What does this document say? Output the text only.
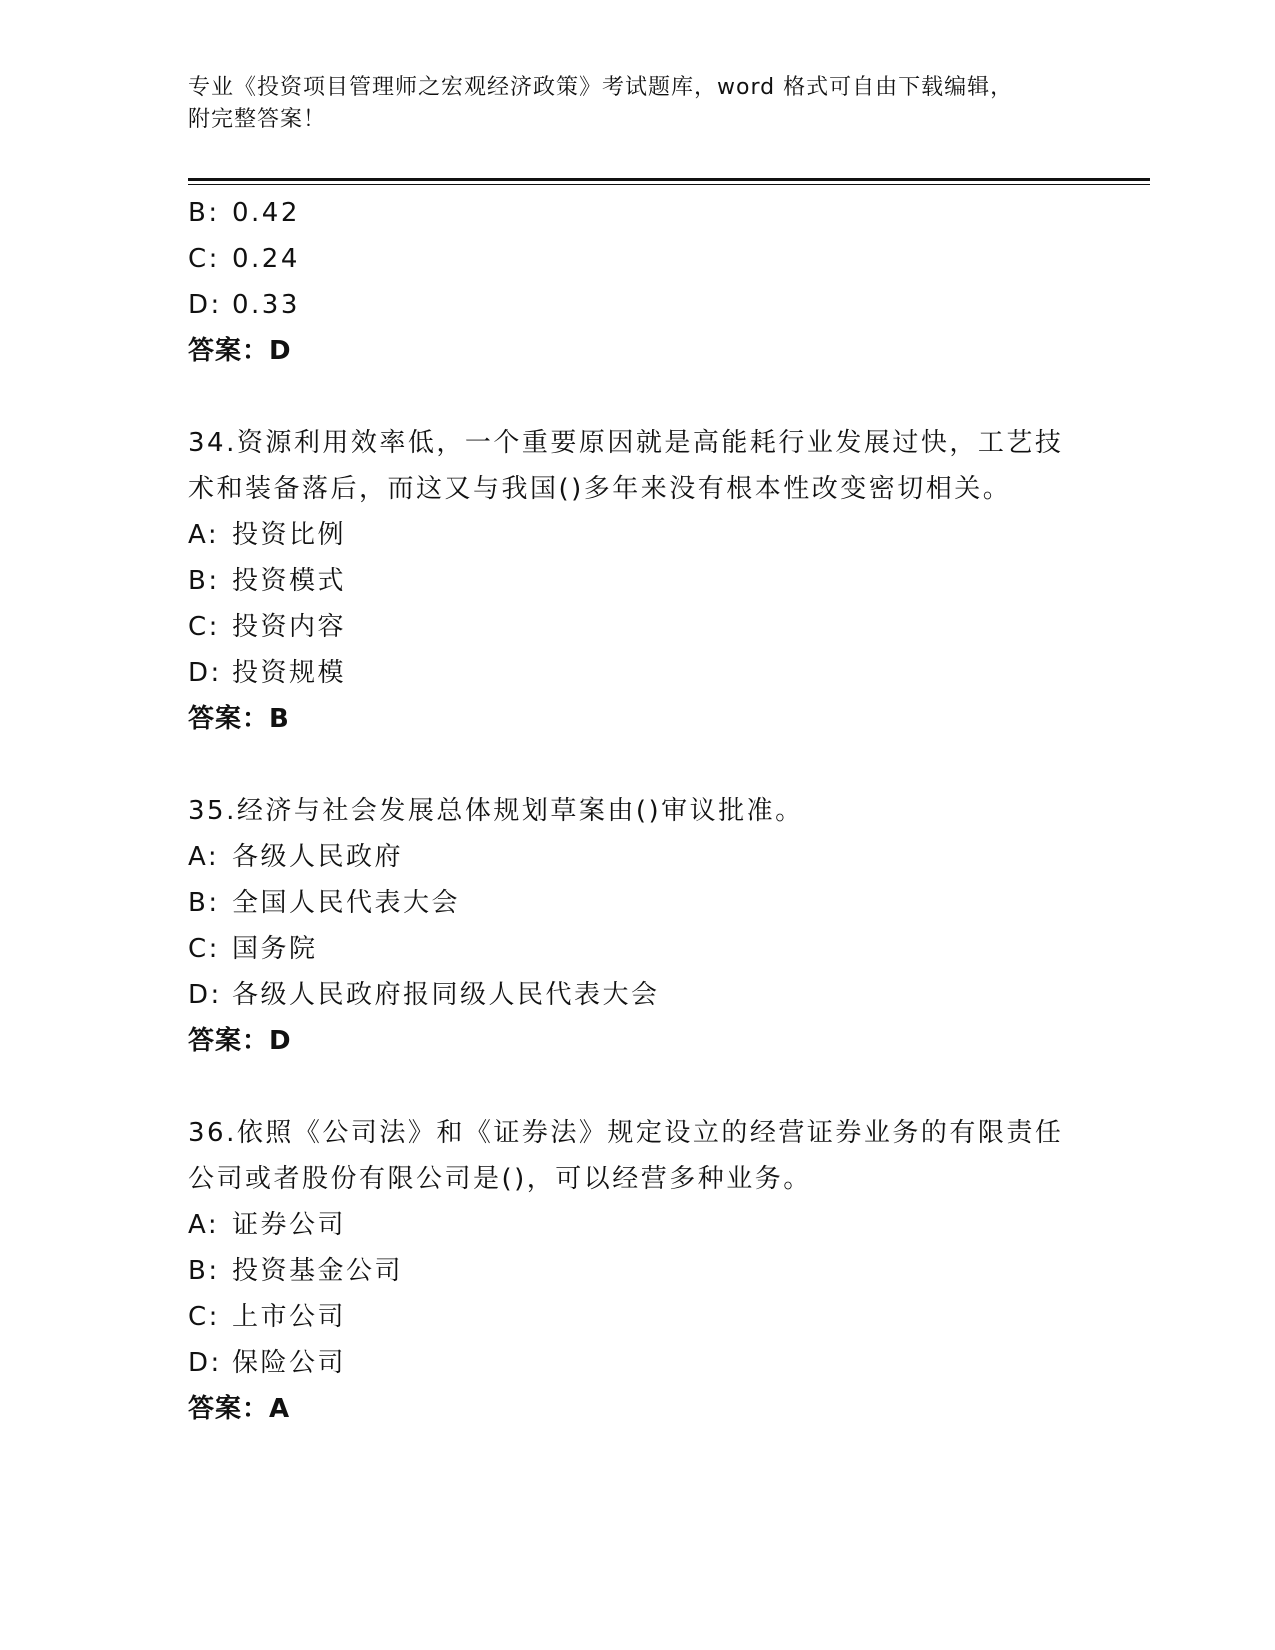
专业《投资项目管理师之宏观经济政策》考试题库，word 格式可自由下载编辑，
附完整答案！
B: 0.42
C: 0.24
D: 0.33
答案：D
34.资源利用效率低，一个重要原因就是高能耗行业发展过快，工艺技
术和装备落后，而这又与我国()多年来没有根本性改变密切相关。
A: 投资比例
B: 投资模式
C: 投资内容
D: 投资规模
答案：B
35.经济与社会发展总体规划草案由()审议批准。
A: 各级人民政府
B: 全国人民代表大会
C: 国务院
D: 各级人民政府报同级人民代表大会
答案：D
36.依照《公司法》和《证券法》规定设立的经营证券业务的有限责任
公司或者股份有限公司是()，可以经营多种业务。
A: 证券公司
B: 投资基金公司
C: 上市公司
D: 保险公司
答案：A
